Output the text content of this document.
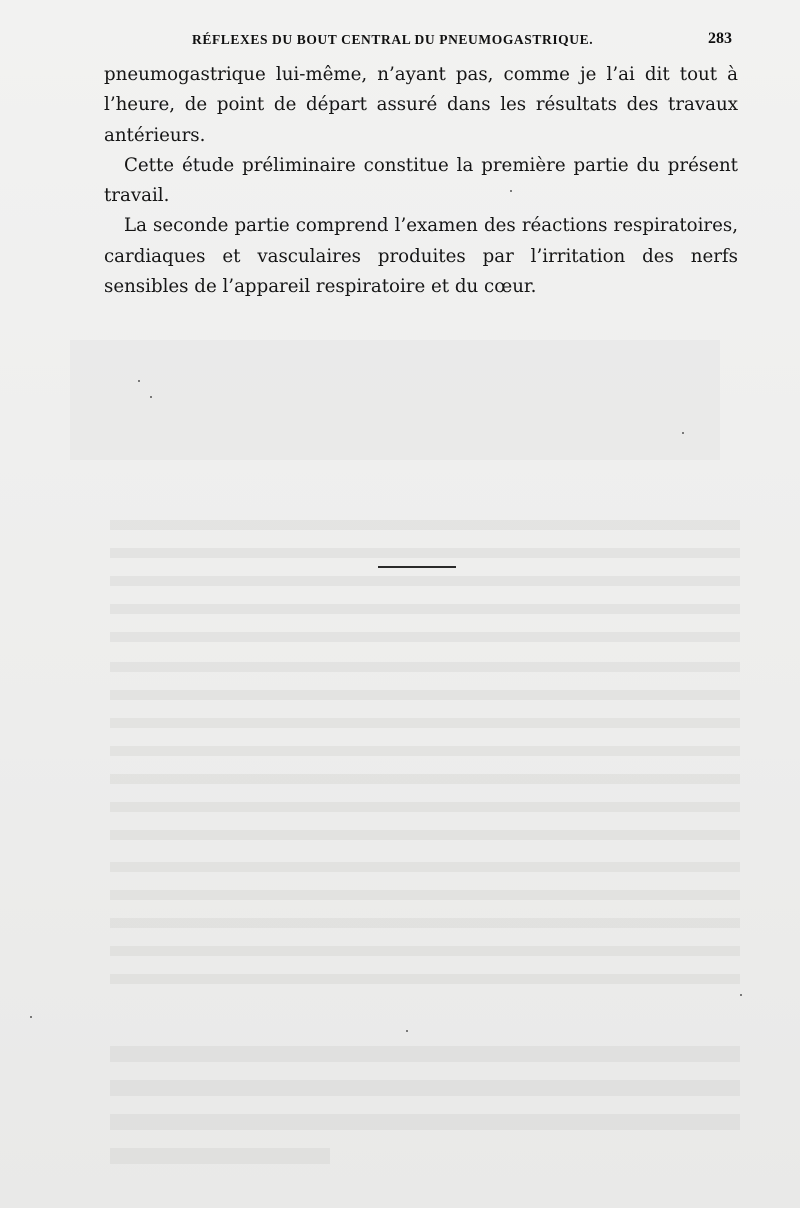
RÉFLEXES DU BOUT CENTRAL DU PNEUMOGASTRIQUE.	283

pneumogastrique lui-même, n’ayant pas, comme je l’ai dit tout à l’heure, de point de départ assuré dans les résultats des travaux antérieurs.

Cette étude préliminaire constitue la première partie du présent travail.

La seconde partie comprend l’examen des réactions respiratoires, cardiaques et vasculaires produites par l’irritation des nerfs sensibles de l’appareil respiratoire et du cœur.
